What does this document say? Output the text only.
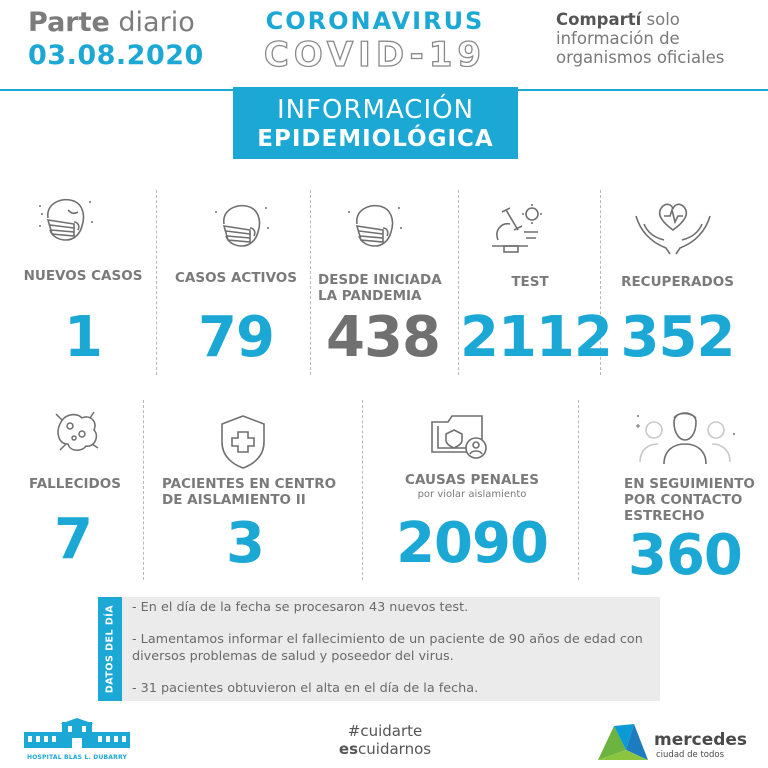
Parte diario
03.08.2020
CORONAVIRUS
COVID-19
Compartí solo
información de
organismos oficiales
INFORMACIÓN
EPIDEMIOLÓGICA
NUEVOS CASOS
1
CASOS ACTIVOS
79
DESDE INICIADA
LA PANDEMIA
438
TEST
2112
RECUPERADOS
352
FALLECIDOS
7
PACIENTES EN CENTRO
DE AISLAMIENTO II
3
CAUSAS PENALES
por violar aislamiento
2090
EN SEGUIMIENTO
POR CONTACTO
ESTRECHO
360
DATOS DEL DÍA - En el día de la fecha se procesaron 43 nuevos test.

- Lamentamos informar el fallecimiento de un paciente de 90 años de edad con diversos problemas de salud y poseedor del virus.

- 31 pacientes obtuvieron el alta en el día de la fecha.

HOSPITAL BLAS L. DUBARRY
#cuidarte
escuidarnos	mercedes
ciudad de todos
